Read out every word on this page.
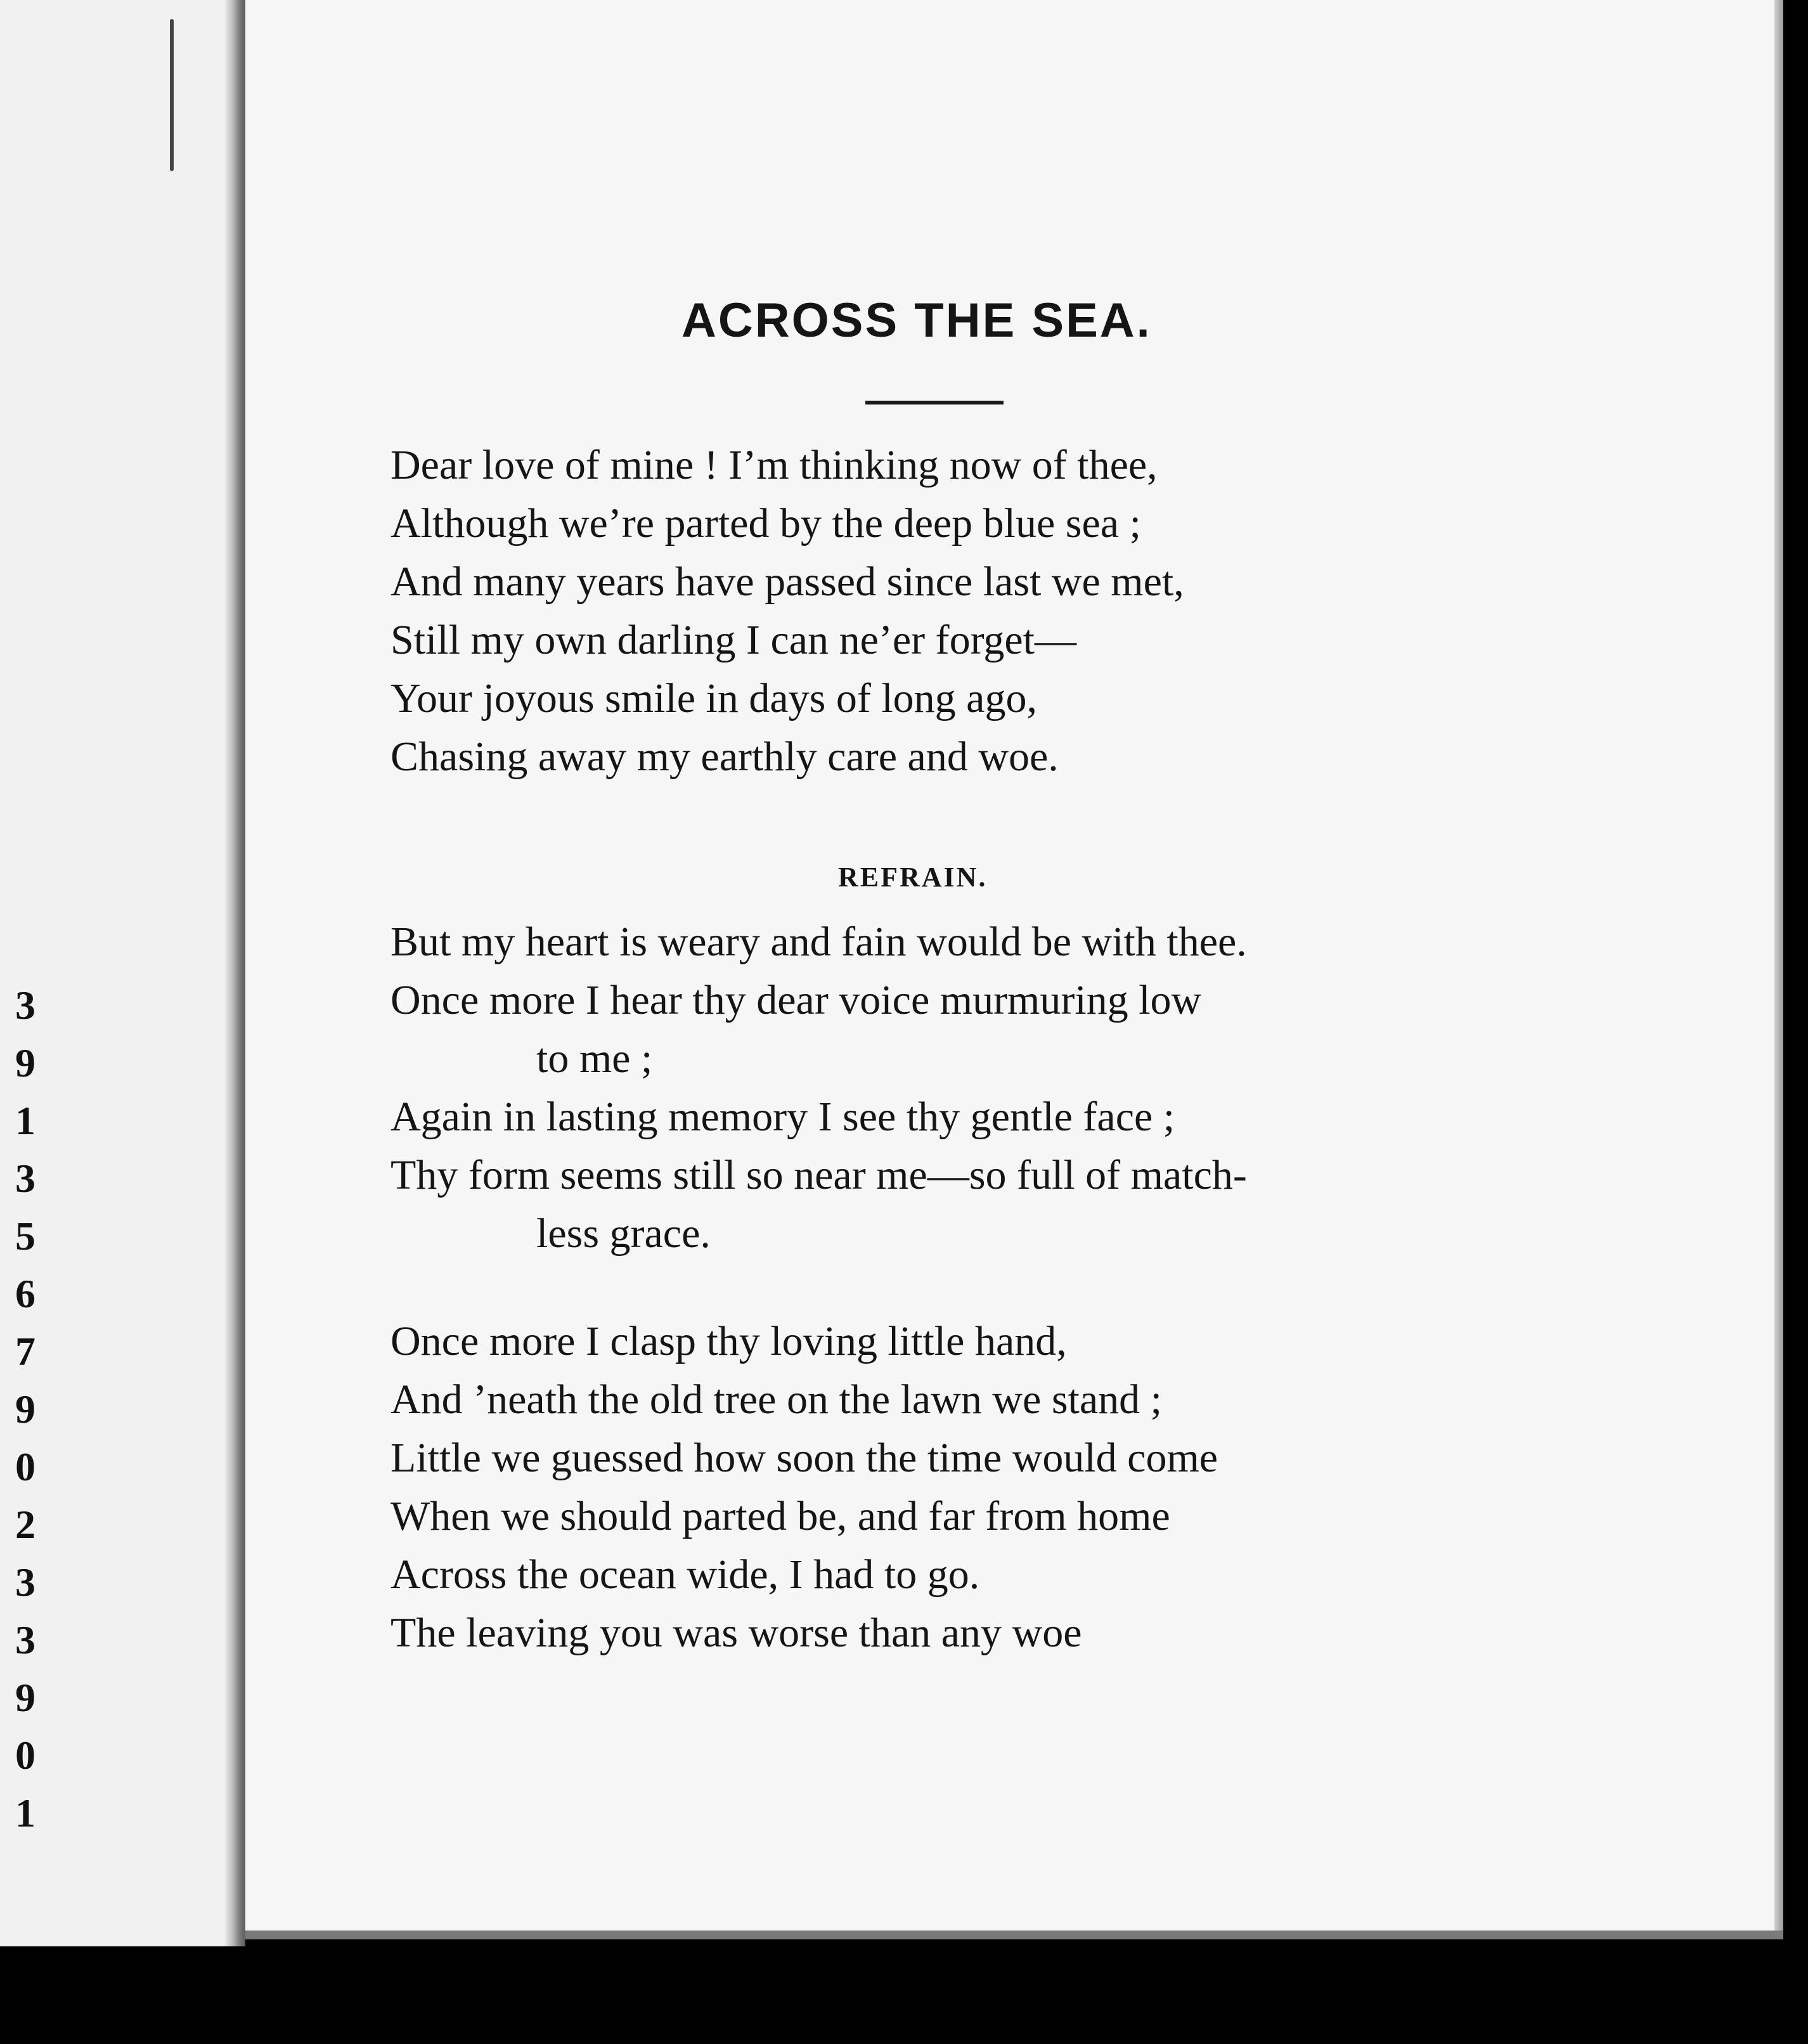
3
9
1
3
5
6
7
9
0
2
3
3
9
0
1
ACROSS THE SEA.
Dear love of mine ! I’m thinking now of thee,
Although we’re parted by the deep blue sea ;
And many years have passed since last we met,
Still my own darling I can ne’er forget—
Your joyous smile in days of long ago,
Chasing away my earthly care and woe.
REFRAIN.
But my heart is weary and fain would be with thee.
Once more I hear thy dear voice murmuring low
to me ;
Again in lasting memory I see thy gentle face ;
Thy form seems still so near me—so full of match-
less grace.
Once more I clasp thy loving little hand,
And ’neath the old tree on the lawn we stand ;
Little we guessed how soon the time would come
When we should parted be, and far from home
Across the ocean wide, I had to go.
The leaving you was worse than any woe
